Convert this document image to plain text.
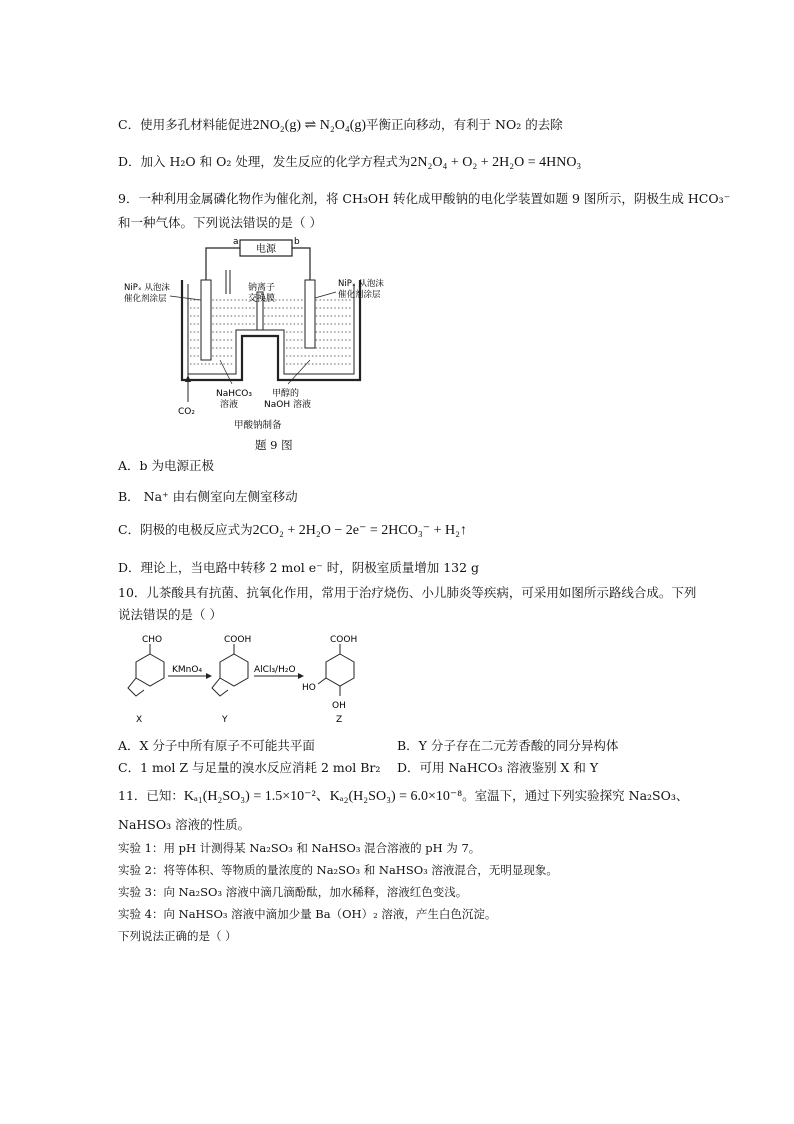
C．使用多孔材料能促进2NO₂(g) ⇌ N₂O₄(g)平衡正向移动，有利于 NO₂ 的去除
D．加入 H₂O 和 O₂ 处理，发生反应的化学方程式为2N₂O₄ + O₂ + 2H₂O = 4HNO₃
9．一种利用金属磷化物作为催化剂，将 CH₃OH 转化成甲酸钠的电化学装置如题 9 图所示，阴极生成 HCO₃⁻
和一种气体。下列说法错误的是（ ）
电源
a	b
钠离子
交换膜
CO₂
NiPₓ 从泡沫
催化剂涂层
NiPₓ 从泡沫
催化剂涂层
NaHCO₃
溶液
甲醇的
NaOH 溶液
甲酸钠制备
题 9 图
A．b 为电源正极
B． Na⁺ 由右侧室向左侧室移动
C．阴极的电极反应式为2CO₂ + 2H₂O − 2e⁻ = 2HCO₃⁻ + H₂↑
D．理论上，当电路中转移 2 mol e⁻ 时，阴极室质量增加 132 g
10．儿茶酸具有抗菌、抗氧化作用，常用于治疗烧伤、小儿肺炎等疾病，可采用如图所示路线合成。下列
说法错误的是（ ）
CHO
X
KMnO₄
COOH
Y
AlCl₃/H₂O
COOH
HO
OH
Z
A．X 分子中所有原子不可能共平面	B．Y 分子存在二元芳香酸的同分异构体
C．1 mol Z 与足量的溴水反应消耗 2 mol Br₂ D．可用 NaHCO₃ 溶液鉴别 X 和 Y
11．已知：Kₐ₁(H₂SO₃) = 1.5×10⁻²、Kₐ₂(H₂SO₃) = 6.0×10⁻⁸。室温下，通过下列实验探究 Na₂SO₃、
NaHSO₃ 溶液的性质。
实验 1：用 pH 计测得某 Na₂SO₃ 和 NaHSO₃ 混合溶液的 pH 为 7。
实验 2：将等体积、等物质的量浓度的 Na₂SO₃ 和 NaHSO₃ 溶液混合，无明显现象。
实验 3：向 Na₂SO₃ 溶液中滴几滴酚酞，加水稀释，溶液红色变浅。
实验 4：向 NaHSO₃ 溶液中滴加少量 Ba（OH）₂ 溶液，产生白色沉淀。
下列说法正确的是（ ）
